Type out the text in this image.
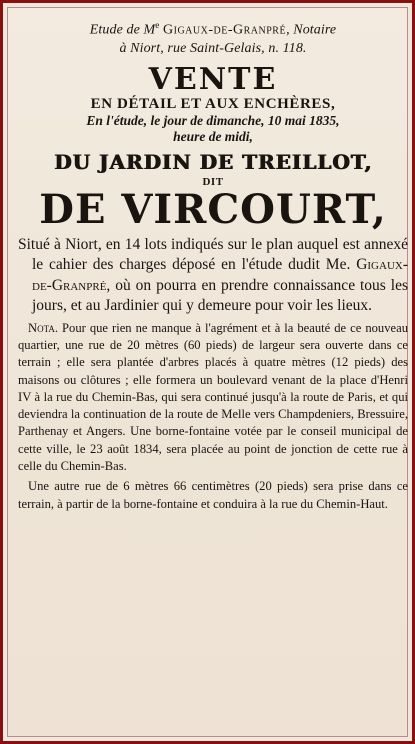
Etude de Me Gigaux-de-Granpré, Notaire
à Niort, rue Saint-Gelais, n. 118.
VENTE
EN DÉTAIL ET AUX ENCHÈRES,
En l'étude, le jour de dimanche, 10 mai 1835,
heure de midi,
DU JARDIN DE TREILLOT,
DIT
DE VIRCOURT,
Situé à Niort, en 14 lots indiqués sur le plan auquel est annexé le cahier des charges déposé en l'étude dudit Me. Gigaux-de-Granpré, où on pourra en prendre connaissance tous les jours, et au Jardinier qui y demeure pour voir les lieux.
Nota. Pour que rien ne manque à l'agrément et à la beauté de ce nouveau quartier, une rue de 20 mètres (60 pieds) de largeur sera ouverte dans ce terrain ; elle sera plantée d'arbres placés à quatre mètres (12 pieds) des maisons ou clôtures ; elle formera un boulevard venant de la place d'Henri IV à la rue du Chemin-Bas, qui sera continué jusqu'à la route de Paris, et qui deviendra la continuation de la route de Melle vers Champdeniers, Bressuire, Parthenay et Angers. Une borne-fontaine votée par le conseil municipal de cette ville, le 23 août 1834, sera placée au point de jonction de cette rue à celle du Chemin-Bas.
Une autre rue de 6 mètres 66 centimètres (20 pieds) sera prise dans ce terrain, à partir de la borne-fontaine et conduira à la rue du Chemin-Haut.
